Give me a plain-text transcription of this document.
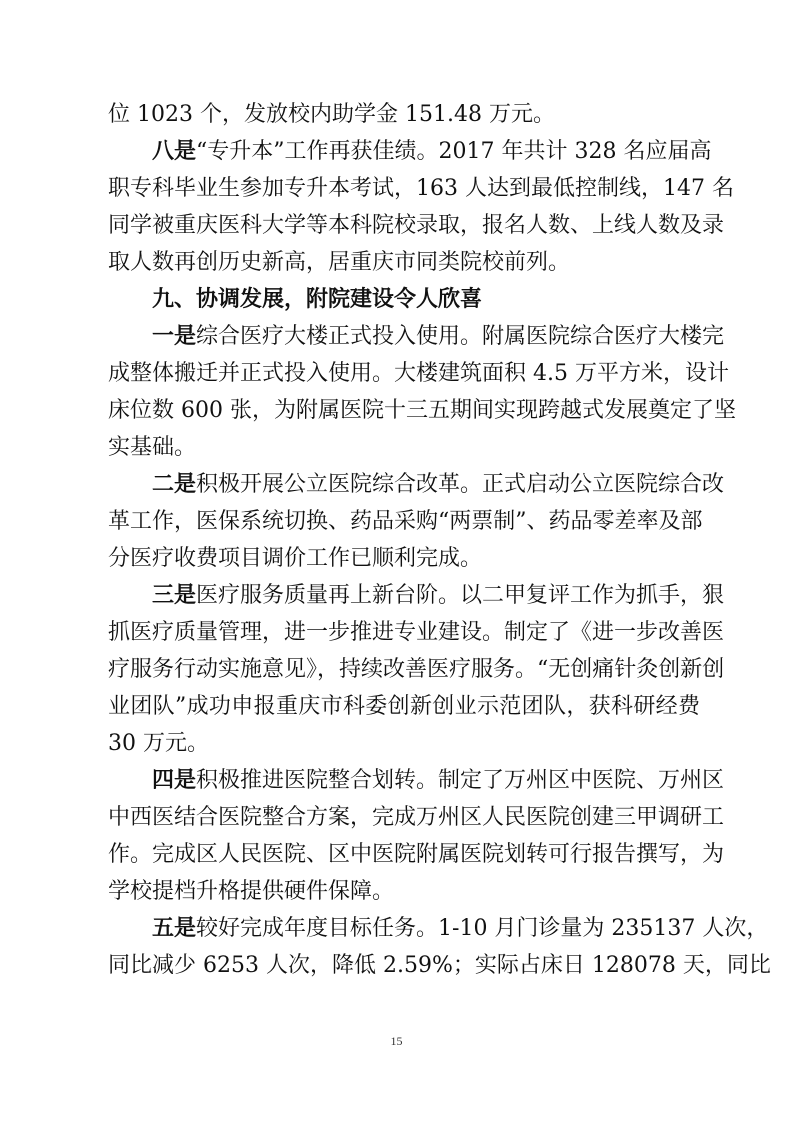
位 1023 个，发放校内助学金 151.48 万元。
八是“专升本”工作再获佳绩。2017 年共计 328 名应届高
职专科毕业生参加专升本考试，163 人达到最低控制线，147 名
同学被重庆医科大学等本科院校录取，报名人数、上线人数及录
取人数再创历史新高，居重庆市同类院校前列。
九、协调发展，附院建设令人欣喜
一是综合医疗大楼正式投入使用。附属医院综合医疗大楼完
成整体搬迁并正式投入使用。大楼建筑面积 4.5 万平方米，设计
床位数 600 张，为附属医院十三五期间实现跨越式发展奠定了坚
实基础。
二是积极开展公立医院综合改革。正式启动公立医院综合改
革工作，医保系统切换、药品采购“两票制”、药品零差率及部
分医疗收费项目调价工作已顺利完成。
三是医疗服务质量再上新台阶。以二甲复评工作为抓手，狠
抓医疗质量管理，进一步推进专业建设。制定了《进一步改善医
疗服务行动实施意见》，持续改善医疗服务。“无创痛针灸创新创
业团队”成功申报重庆市科委创新创业示范团队，获科研经费
30 万元。
四是积极推进医院整合划转。制定了万州区中医院、万州区
中西医结合医院整合方案，完成万州区人民医院创建三甲调研工
作。完成区人民医院、区中医院附属医院划转可行报告撰写，为
学校提档升格提供硬件保障。
五是较好完成年度目标任务。1-10 月门诊量为 235137 人次，
同比减少 6253 人次，降低 2.59%；实际占床日 128078 天，同比
15
